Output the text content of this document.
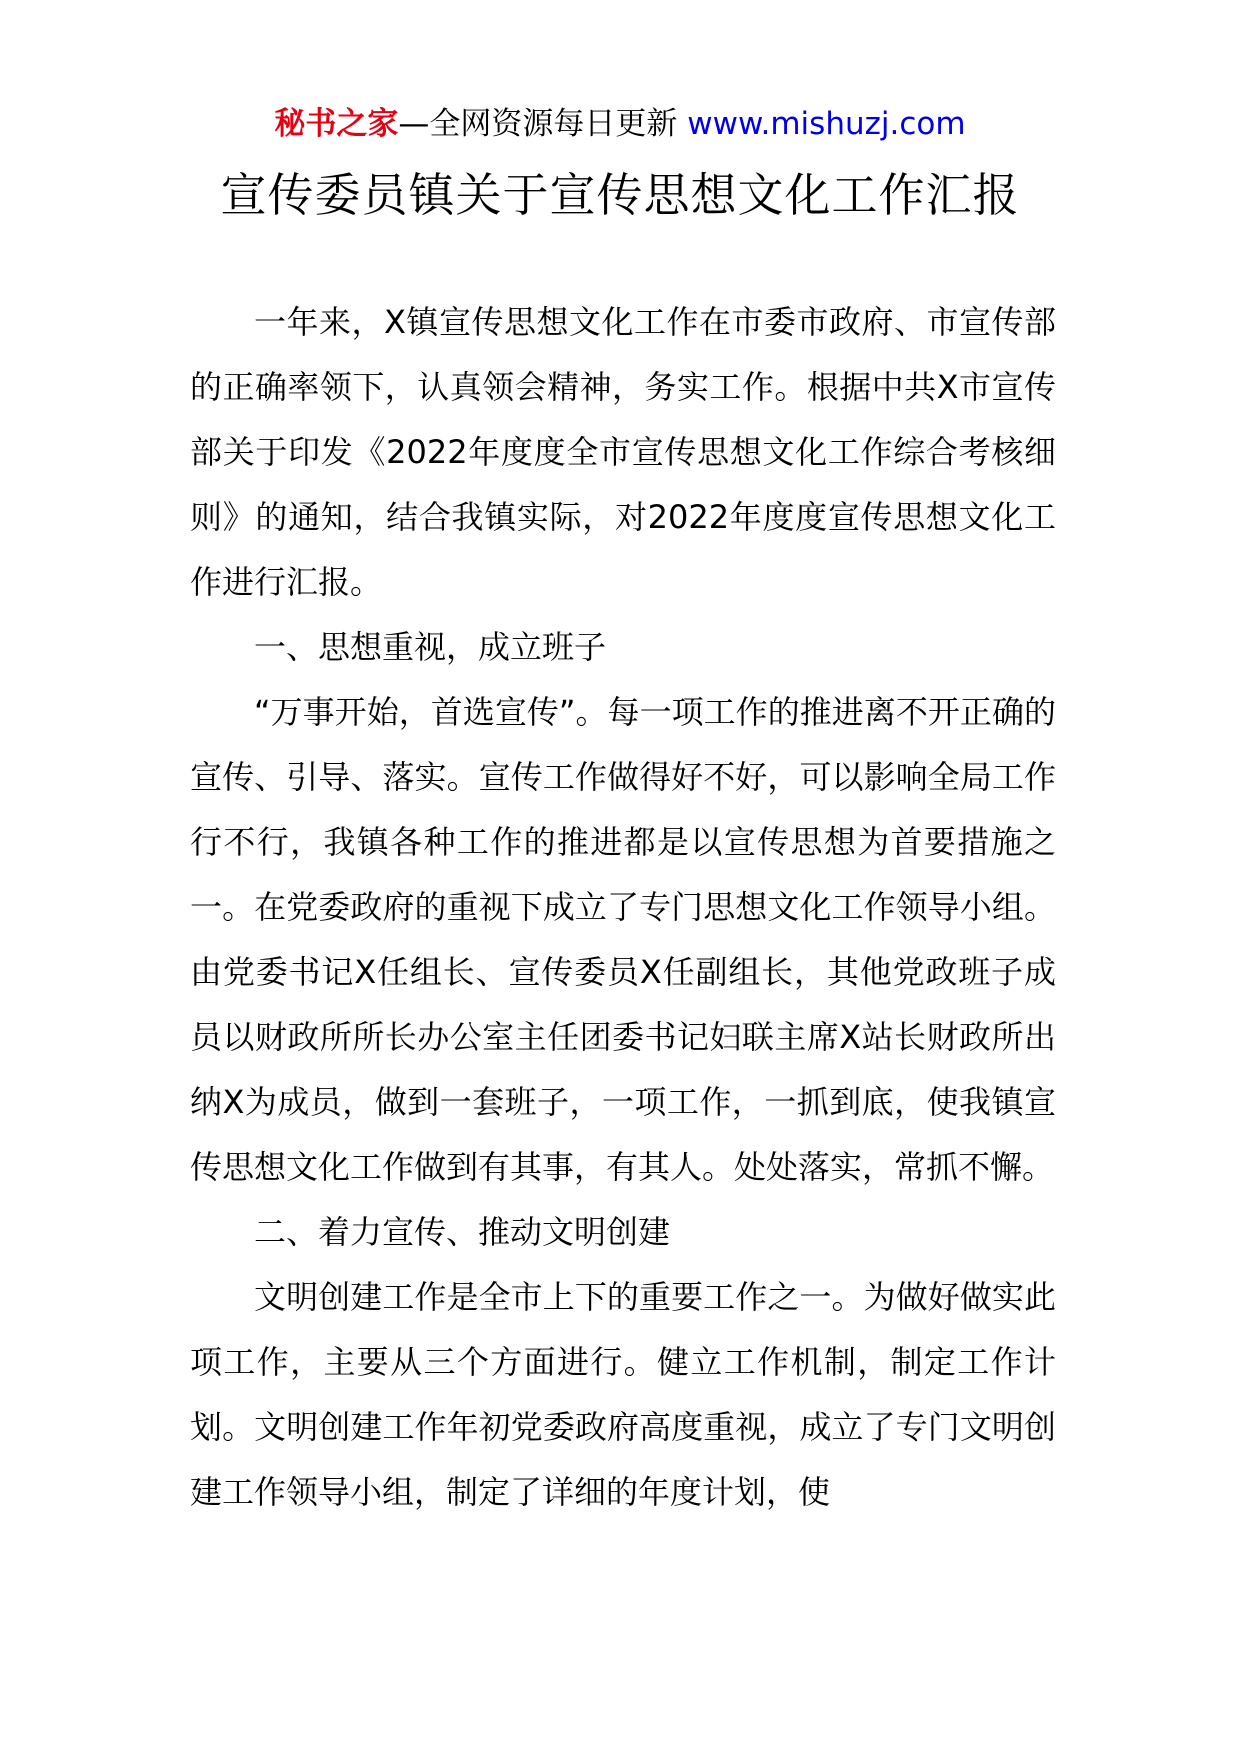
秘书之家—全网资源每日更新 www.mishuzj.com
宣传委员镇关于宣传思想文化工作汇报

一年来，X镇宣传思想文化工作在市委市政府、市宣传部的正确率领下，认真领会精神，务实工作。根据中共X市宣传部关于印发《2022年度度全市宣传思想文化工作综合考核细则》的通知，结合我镇实际，对2022年度度宣传思想文化工作进行汇报。

一、思想重视，成立班子

“万事开始，首选宣传”。每一项工作的推进离不开正确的宣传、引导、落实。宣传工作做得好不好，可以影响全局工作行不行，我镇各种工作的推进都是以宣传思想为首要措施之一。在党委政府的重视下成立了专门思想文化工作领导小组。由党委书记X任组长、宣传委员X任副组长，其他党政班子成员以财政所所长办公室主任团委书记妇联主席X站长财政所出纳X为成员，做到一套班子，一项工作，一抓到底，使我镇宣传思想文化工作做到有其事，有其人。处处落实，常抓不懈。

二、着力宣传、推动文明创建

文明创建工作是全市上下的重要工作之一。为做好做实此项工作，主要从三个方面进行。健立工作机制，制定工作计划。文明创建工作年初党委政府高度重视，成立了专门文明创建工作领导小组，制定了详细的年度计划，使
